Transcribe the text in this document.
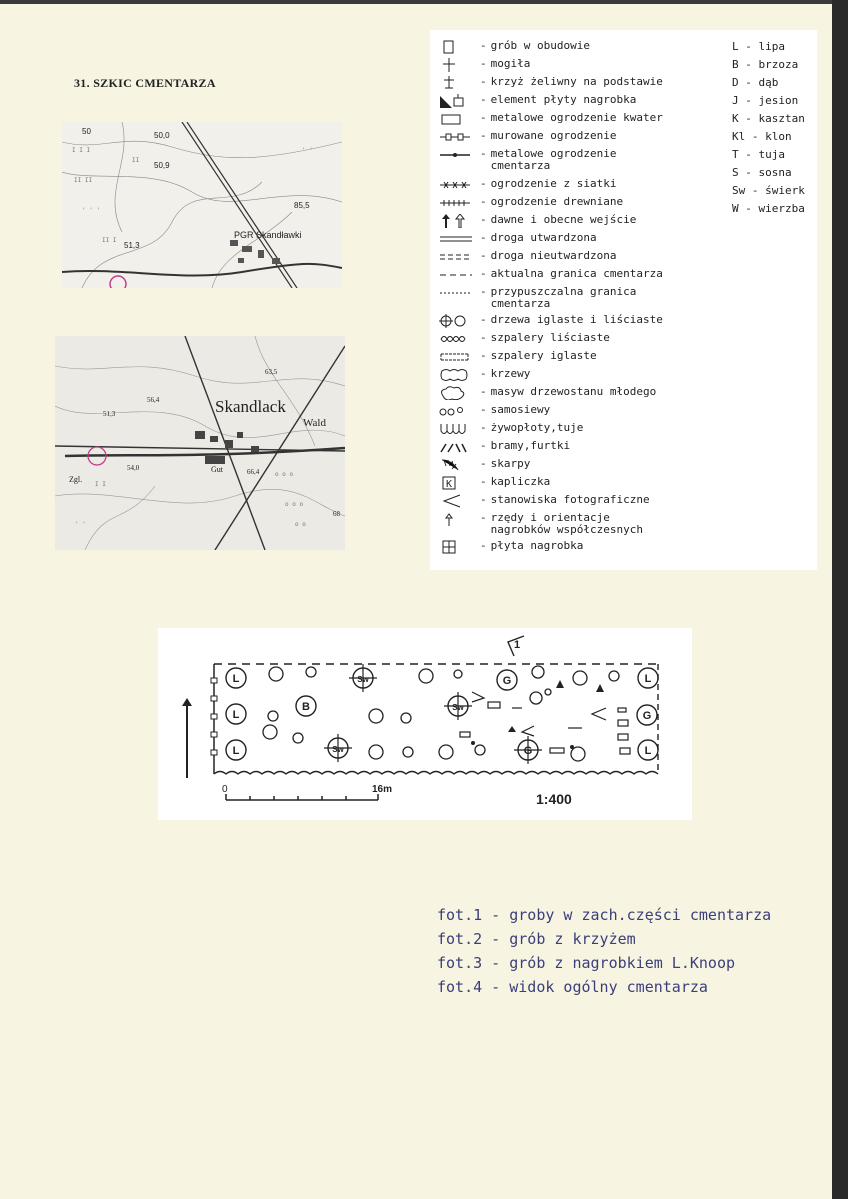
31. SZKIC CMENTARZA
I I I
II II
' ' '
II I
' '
II
50,0
50,9
50
51,3
85,5
PGR Skandławki
o o o
o o
' '
I I
o o o
Skandlack
Wald
56,4
51,3
54,0
63,5
66,4
Gut
Zgl.
68
- grób w obudowie
- mogiła
- krzyż żeliwny na podstawie
- element płyty nagrobka
- metalowe ogrodzenie kwater
- murowane ogrodzenie
- metalowe ogrodzenie
cmentarza
- ogrodzenie z siatki
- ogrodzenie drewniane
- dawne i obecne wejście
- droga utwardzona
- droga nieutwardzona
- aktualna granica cmentarza
- przypuszczalna granica
cmentarza
- drzewa iglaste i liściaste
- szpalery liściaste
- szpalery iglaste
- krzewy
- masyw drzewostanu młodego
- samosiewy
- żywopłoty,tuje
- bramy,furtki
- skarpy
K	- kapliczka
- stanowiska fotograficzne
- rzędy i orientacje
nagrobków współczesnych
- płyta nagrobka
L - lipa
B - brzoza
D - dąb
J - jesion
K - kasztan
Kl - klon
T - tuja
S - sosna
Sw - świerk
W - wierzba
L
L
L
B
Sw
Sw
Sw
G
G
G
L
L
1
0	16m
1:400
fot.1 - groby w zach.części cmentarza
fot.2 - grób z krzyżem
fot.3 - grób z nagrobkiem L.Knoop
fot.4 - widok ogólny cmentarza
